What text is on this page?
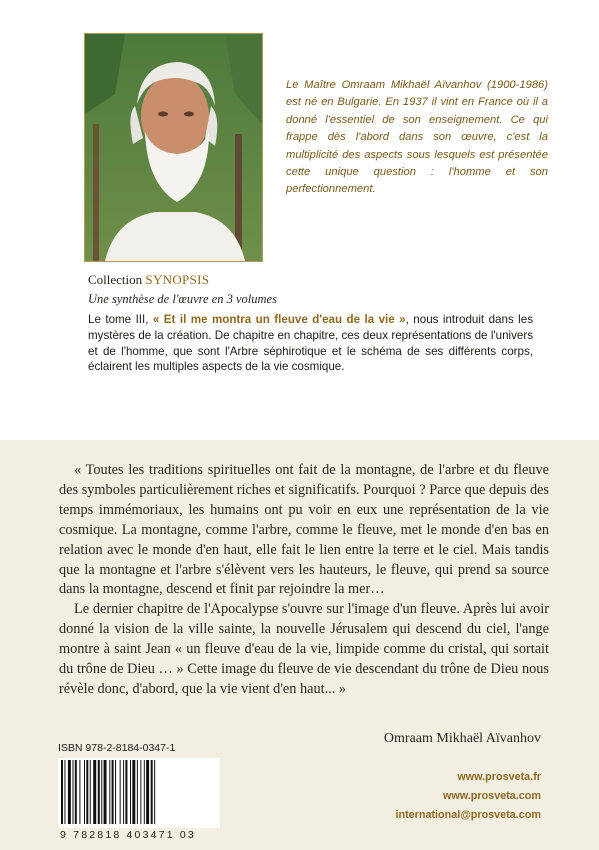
Le Maître Omraam Mikhaël Aïvanhov (1900-1986) est né en Bulgarie. En 1937 il vint en France où il a donné l'essentiel de son enseignement. Ce qui frappe dès l'abord dans son œuvre, c'est la multiplicité des aspects sous lesquels est présentée cette unique question : l'homme et son perfectionnement.
Collection SYNOPSIS
Une synthèse de l'œuvre en 3 volumes
Le tome III, « Et il me montra un fleuve d'eau de la vie », nous introduit dans les mystères de la création. De chapitre en chapitre, ces deux représentations de l'univers et de l'homme, que sont l'Arbre séphirotique et le schéma de ses différents corps, éclairent les multiples aspects de la vie cosmique.

« Toutes les traditions spirituelles ont fait de la montagne, de l'arbre et du fleuve des symboles particulièrement riches et significatifs. Pourquoi ? Parce que depuis des temps immémoriaux, les humains ont pu voir en eux une représentation de la vie cosmique. La montagne, comme l'arbre, comme le fleuve, met le monde d'en bas en relation avec le monde d'en haut, elle fait le lien entre la terre et le ciel. Mais tandis que la montagne et l'arbre s'élèvent vers les hauteurs, le fleuve, qui prend sa source dans la montagne, descend et finit par rejoindre la mer…

Le dernier chapitre de l'Apocalypse s'ouvre sur l'image d'un fleuve. Après lui avoir donné la vision de la ville sainte, la nouvelle Jérusalem qui descend du ciel, l'ange montre à saint Jean « un fleuve d'eau de la vie, limpide comme du cristal, qui sortait du trône de Dieu … » Cette image du fleuve de vie descendant du trône de Dieu nous révèle donc, d'abord, que la vie vient d'en haut... »

Omraam Mikhaël Aïvanhov
ISBN 978-2-8184-0347-1
9 782818 403471 03
www.prosveta.fr
www.prosveta.com
international@prosveta.com
